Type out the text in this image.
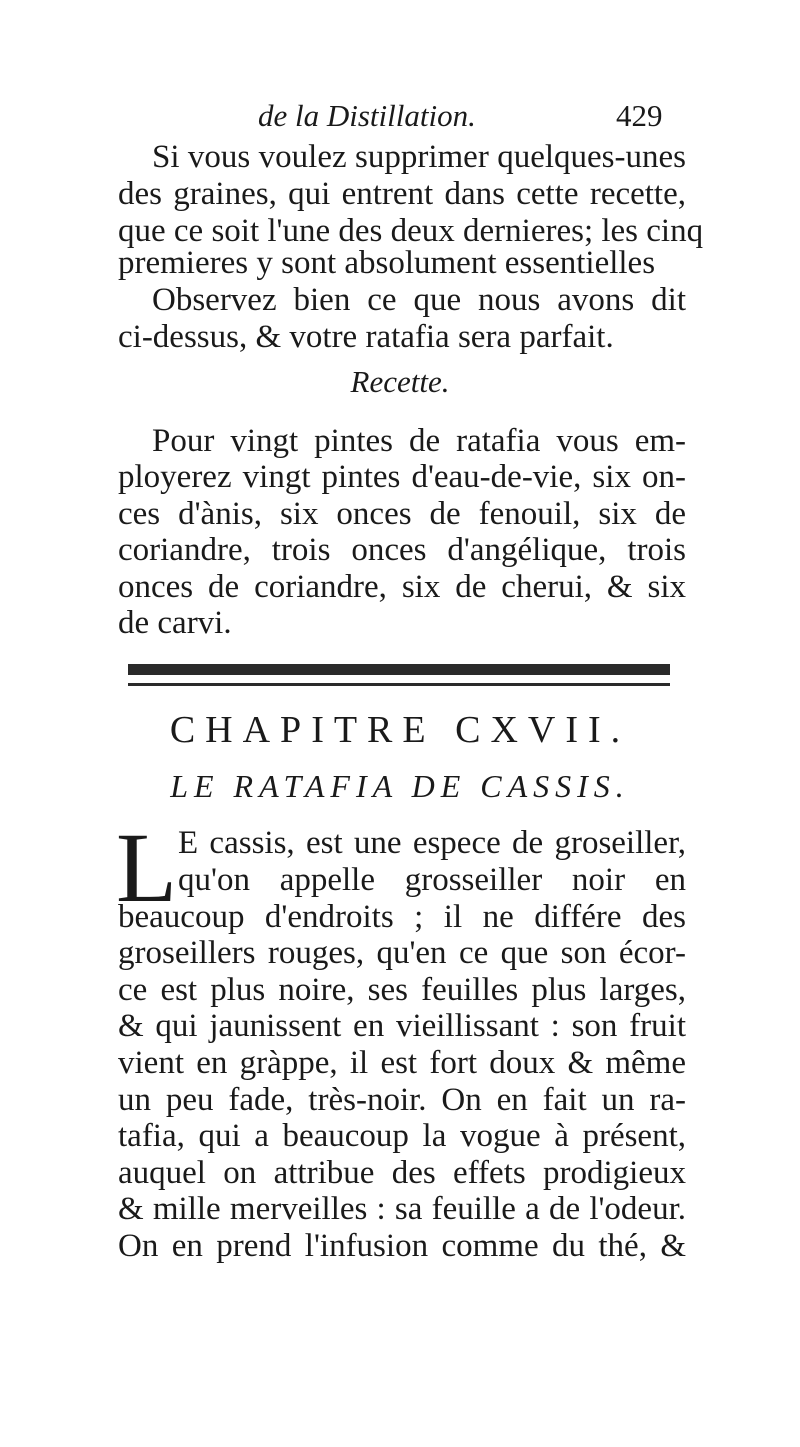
de la Distillation.	429
Si vous voulez supprimer quelques-unes
des graines, qui entrent dans cette recette,
que ce soit l'une des deux dernieres; les cinq
premieres y sont absolument essentielles
Observez bien ce que nous avons dit
ci-dessus, & votre ratafia sera parfait.
Recette.
Pour vingt pintes de ratafia vous em-
ployerez vingt pintes d'eau-de-vie, six on-
ces d'ànis, six onces de fenouil, six de
coriandre, trois onces d'angélique, trois
onces de coriandre, six de cherui, & six
de carvi.
CHAPITRE CXVII.
LE RATAFIA DE CASSIS.
L E cassis, est une espece de groseiller,
qu'on appelle grosseiller noir en
beaucoup d'endroits ; il ne différe des
groseillers rouges, qu'en ce que son écor-
ce est plus noire, ses feuilles plus larges,
& qui jaunissent en vieillissant : son fruit
vient en gràppe, il est fort doux & même
un peu fade, très-noir. On en fait un ra-
tafia, qui a beaucoup la vogue à présent,
auquel on attribue des effets prodigieux
& mille merveilles : sa feuille a de l'odeur.
On en prend l'infusion comme du thé, &
